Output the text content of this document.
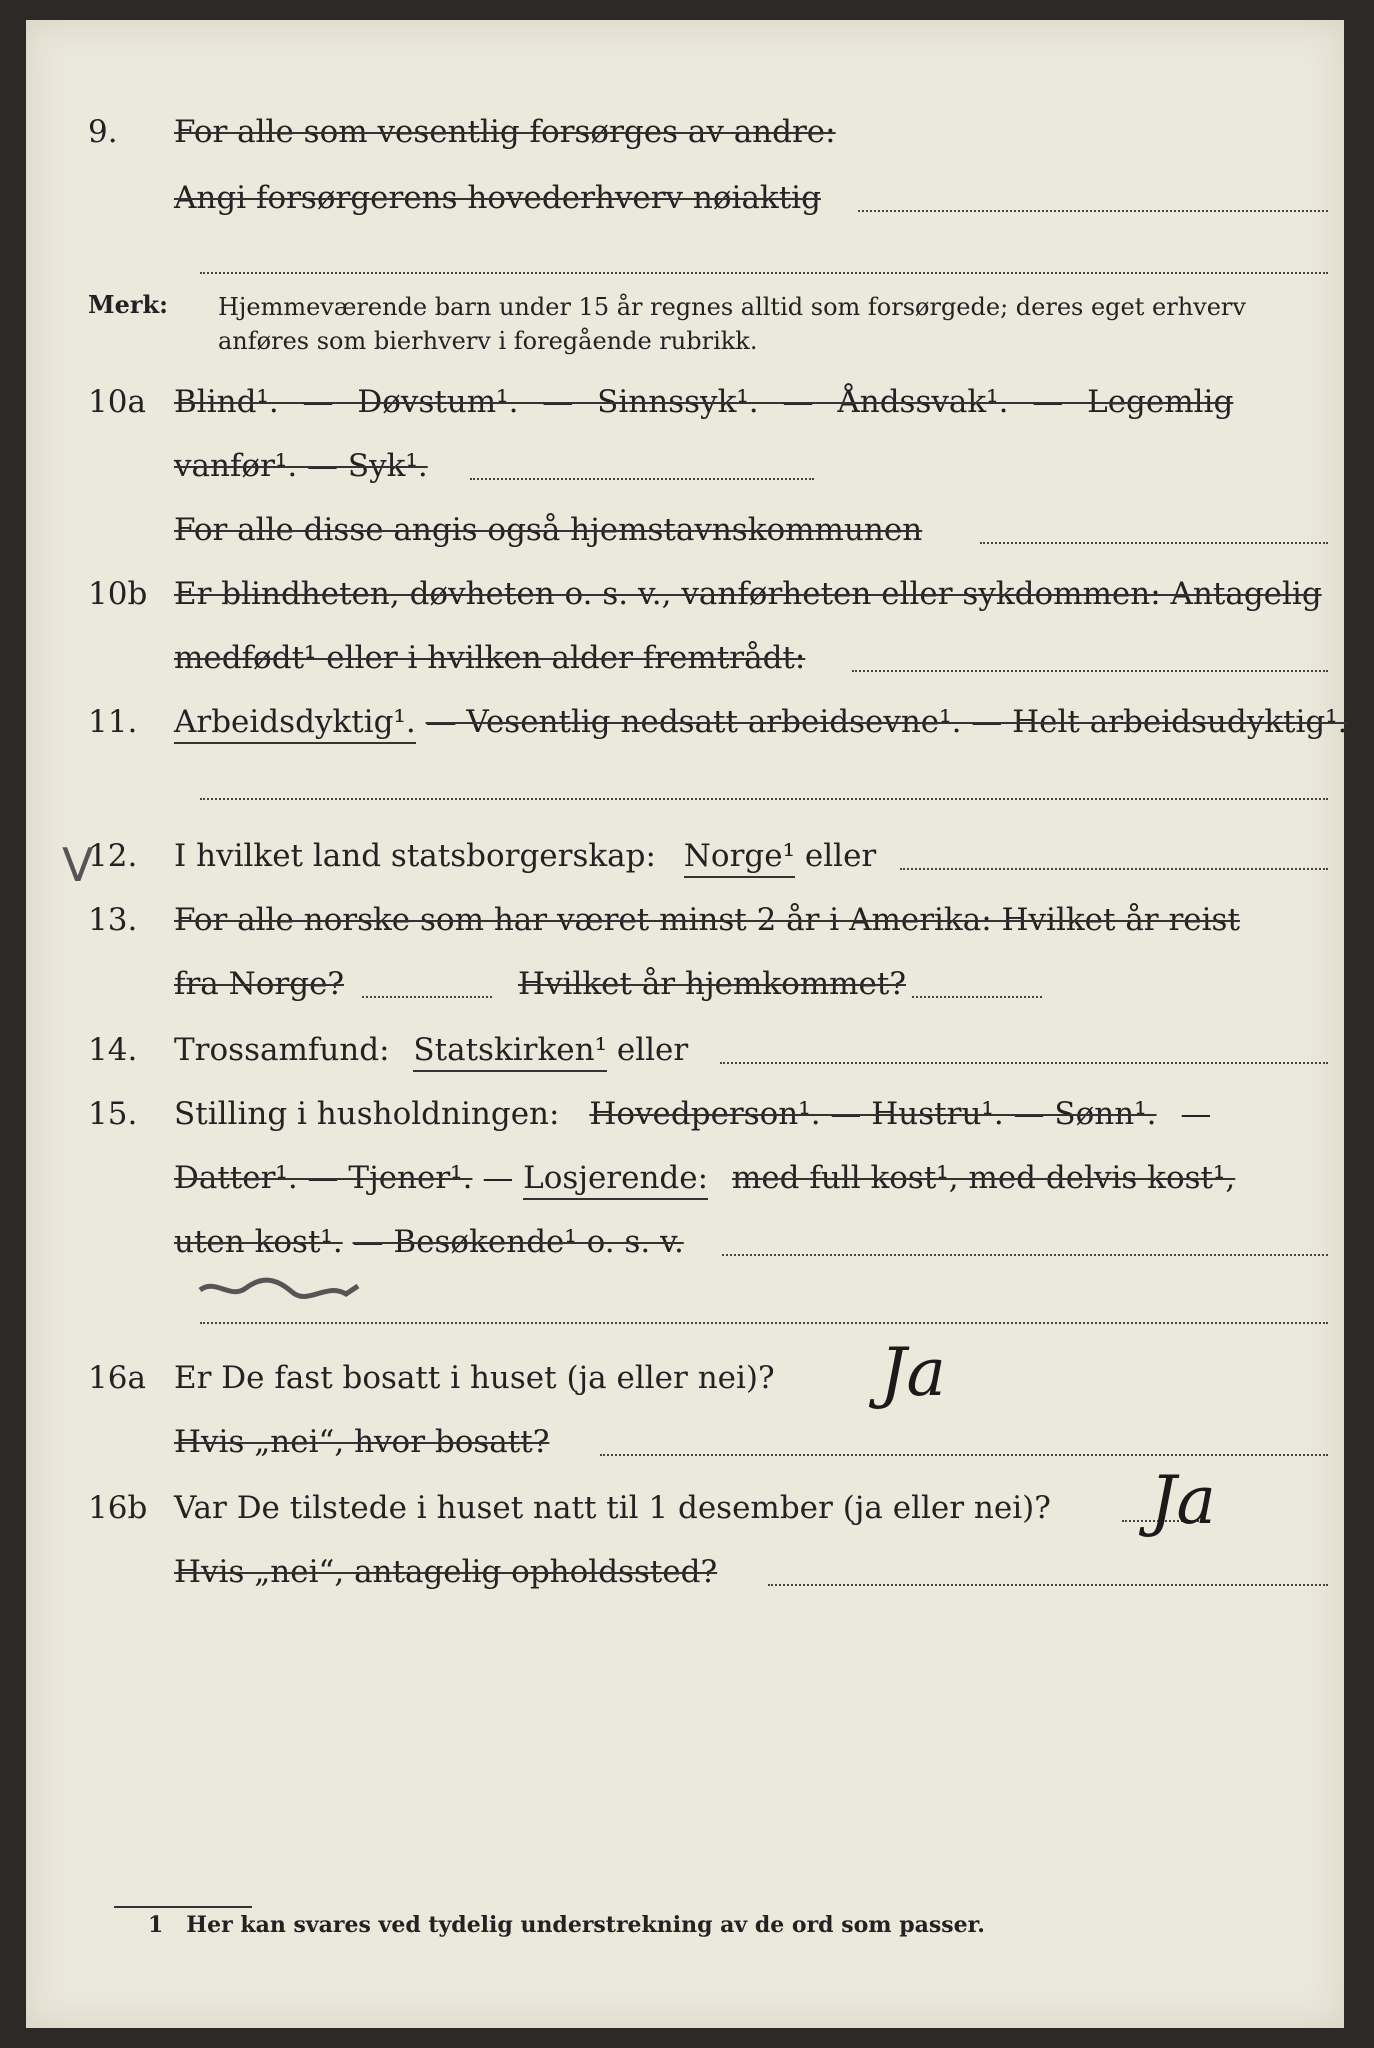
9. For alle som vesentlig forsørges av andre:
Angi forsørgerens hovederhverv nøiaktig
Merk: Hjemmeværende barn under 15 år regnes alltid som forsørgede; deres eget erhverv
anføres som bierhverv i foregående rubrikk.
10a Blind¹. — Døvstum¹. — Sinnssyk¹. — Åndssvak¹. — Legemlig
vanfør¹. — Syk¹.
For alle disse angis også hjemstavnskommunen
10b Er blindheten, døvheten o. s. v., vanførheten eller sykdommen: Antagelig
medfødt¹ eller i hvilken alder fremtrådt:
11. Arbeidsdyktig¹. — Vesentlig nedsatt arbeidsevne¹. — Helt arbeidsudyktig¹.
V
12. I hvilket land statsborgerskap: Norge¹ eller
13. For alle norske som har været minst 2 år i Amerika: Hvilket år reist
fra Norge?	Hvilket år hjemkommet?
14. Trossamfund: Statskirken¹ eller
15. Stilling i husholdningen: Hovedperson¹. — Hustru¹. — Sønn¹. —
Datter¹. — Tjener¹. — Losjerende: med full kost¹, med delvis kost¹,
uten kost¹. — Besøkende¹ o. s. v.
16a Er De fast bosatt i huset (ja eller nei)? Ja
Hvis „nei“, hvor bosatt?
16b Var De tilstede i huset natt til 1 desember (ja eller nei)? Ja
Hvis „nei“, antagelig opholdssted?
1 Her kan svares ved tydelig understrekning av de ord som passer.
